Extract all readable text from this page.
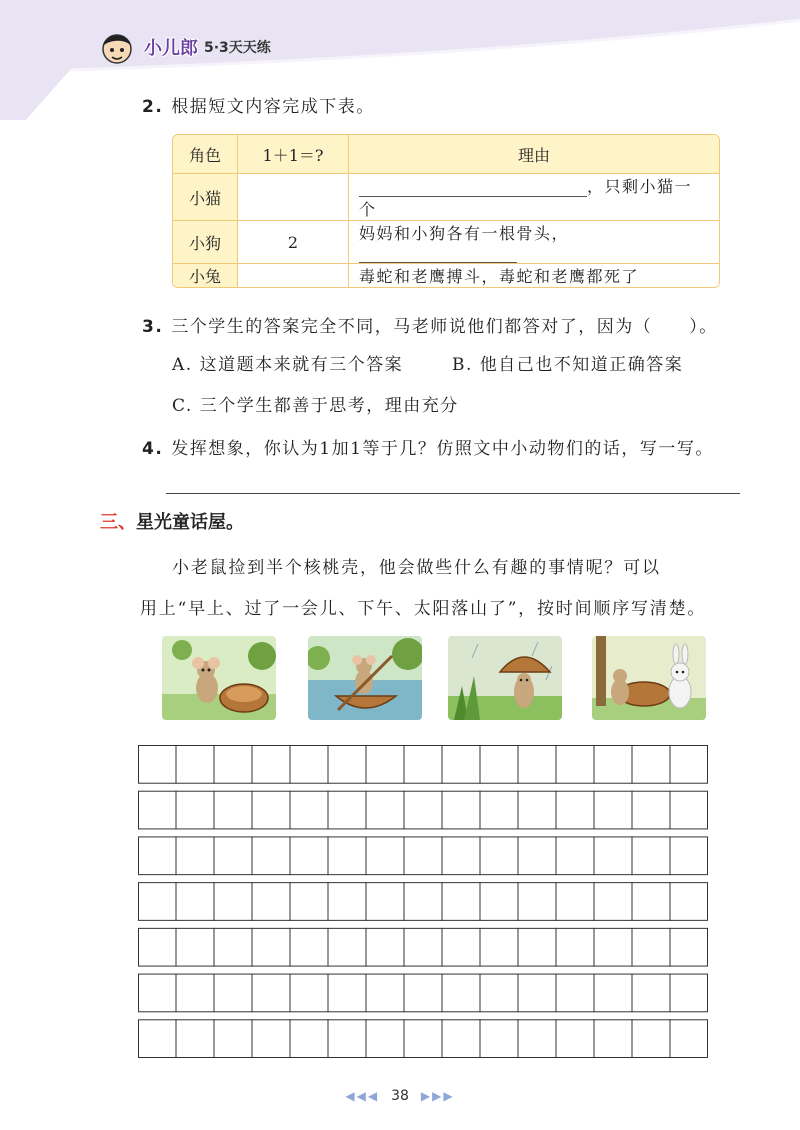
小儿郎 5·3天天练
2. 根据短文内容完成下表。
角色	1＋1＝?	理由
小猫		，只剩小猫一个
小狗	2	妈妈和小狗各有一根骨头，
小兔		毒蛇和老鹰搏斗，毒蛇和老鹰都死了
3. 三个学生的答案完全不同，马老师说他们都答对了，因为（　　）。
A. 这道题本来就有三个答案	B. 他自己也不知道正确答案
C. 三个学生都善于思考，理由充分
4. 发挥想象，你认为1加1等于几？仿照文中小动物们的话，写一写。
三、星光童话屋。
小老鼠捡到半个核桃壳，他会做些什么有趣的事情呢？可以
用上“早上、过了一会儿、下午、太阳落山了”，按时间顺序写清楚。
◀◀◀ 38 ▶▶▶
